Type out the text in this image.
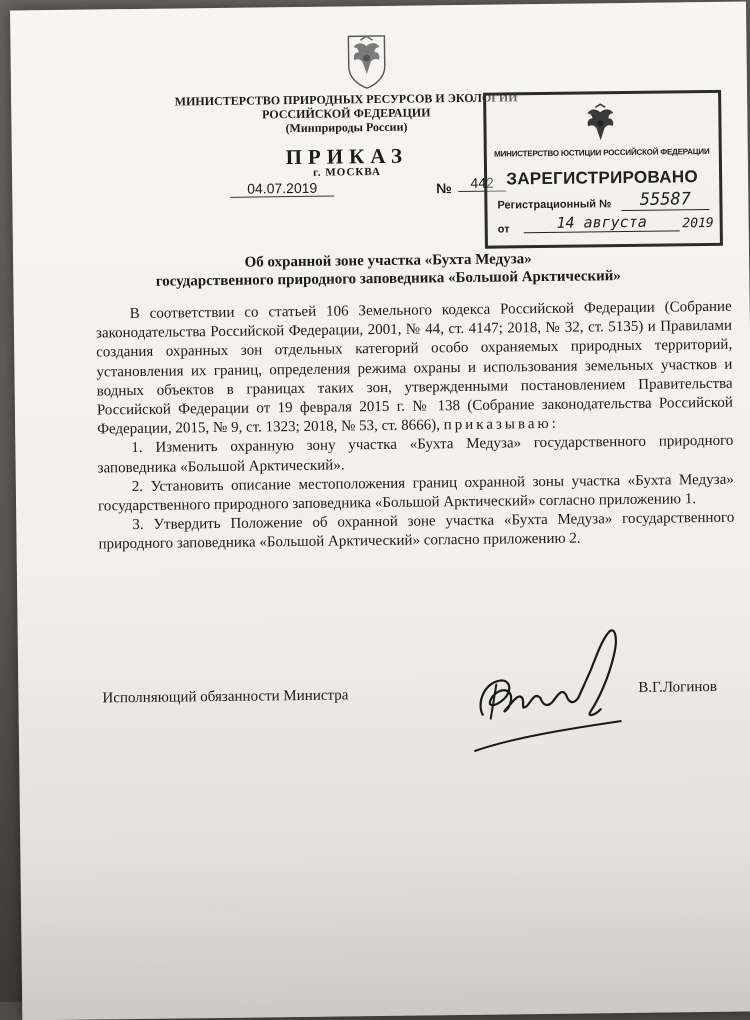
МИНИСТЕРСТВО ПРИРОДНЫХ РЕСУРСОВ И ЭКОЛОГИИ
РОССИЙСКОЙ ФЕДЕРАЦИИ
(Минприроды России)
ПРИКАЗ
г. МОСКВА
04.07.2019	№	442
МИНИСТЕРСТВО ЮСТИЦИИ РОССИЙСКОЙ ФЕДЕРАЦИИ
ЗАРЕГИСТРИРОВАНО
Регистрационный №	55587
от	14 августа	2019
Об охранной зоне участка «Бухта Медуза»
государственного природного заповедника «Большой Арктический»

В соответствии со статьей 106 Земельного кодекса Российской Федерации (Собрание законодательства Российской Федерации, 2001, № 44, ст. 4147; 2018, № 32, ст. 5135) и Правилами создания охранных зон отдельных категорий особо охраняемых природных территорий, установления их границ, определения режима охраны и использования земельных участков и водных объектов в границах таких зон, утвержденными постановлением Правительства Российской Федерации от 19 февраля 2015 г. № 138 (Собрание законодательства Российской Федерации, 2015, № 9, ст. 1323; 2018, № 53, ст. 8666), приказываю:

1. Изменить охранную зону участка «Бухта Медуза» государственного природного заповедника «Большой Арктический».

2. Установить описание местоположения границ охранной зоны участка «Бухта Медуза» государственного природного заповедника «Большой Арктический» согласно приложению 1.

3. Утвердить Положение об охранной зоне участка «Бухта Медуза» государственного природного заповедника «Большой Арктический» согласно приложению 2.

Исполняющий обязанности Министра
В.Г.Логинов
